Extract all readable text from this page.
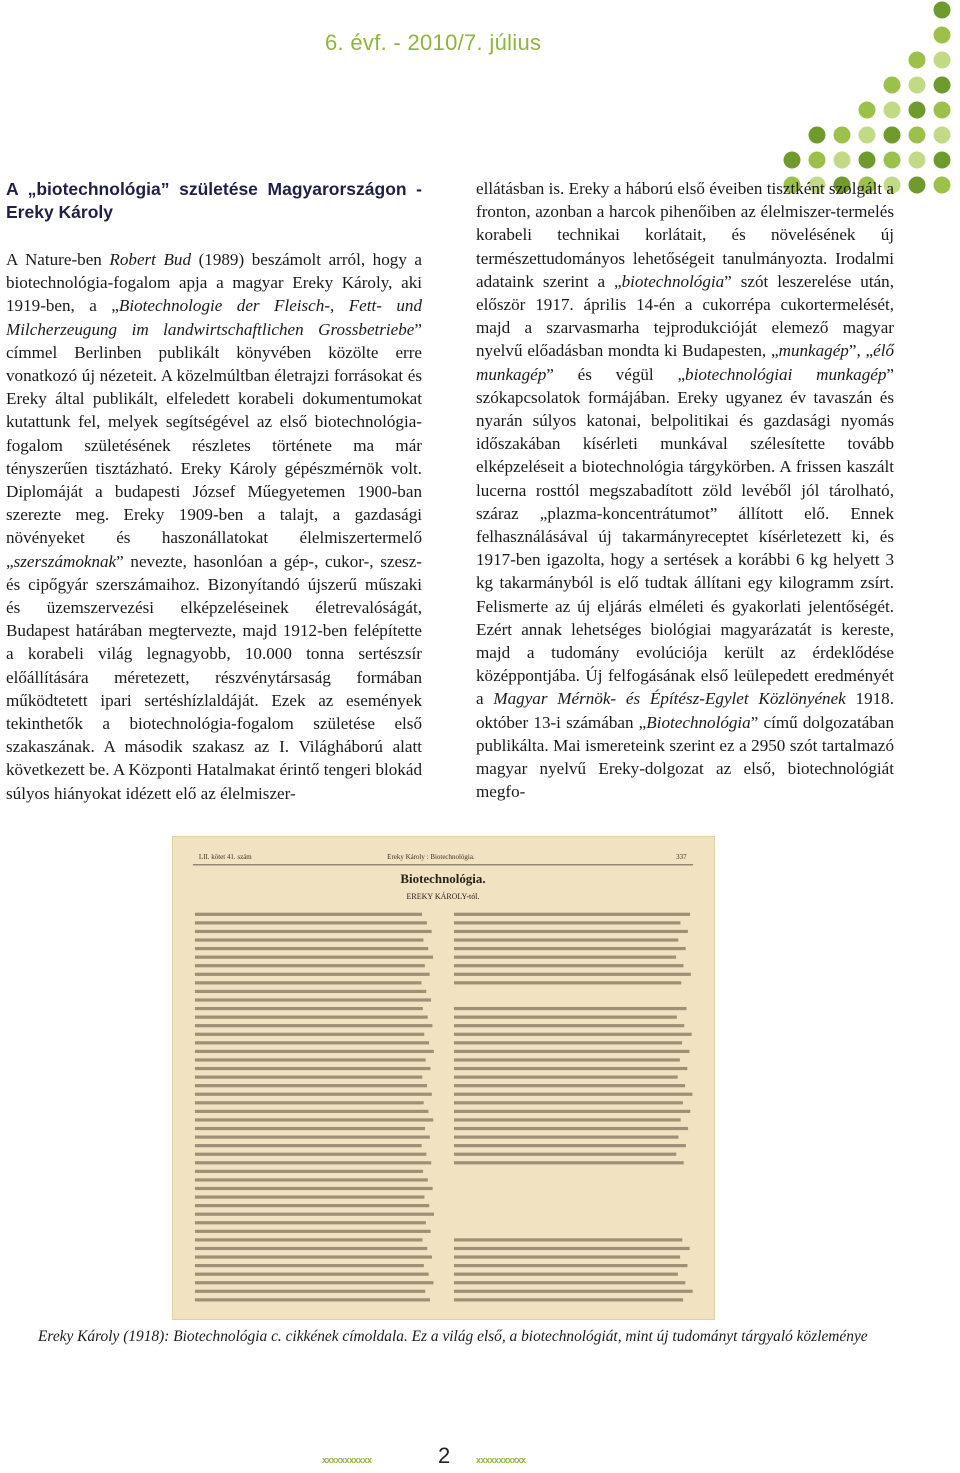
6. évf. - 2010/7. július
A „biotechnológia” születése Magyarországon - Ereky Károly

A Nature-ben Robert Bud (1989) beszámolt arról, hogy a biotechnológia-fogalom apja a magyar Ereky Károly, aki 1919-ben, a „Biotechnologie der Fleisch-, Fett- und Milcherzeugung im landwirtschaftlichen Grossbetriebe” címmel Berlinben publikált könyvében közölte erre vonatkozó új nézeteit. A közelmúltban életrajzi forrásokat és Ereky által publikált, elfeledett korabeli dokumentumokat kutattunk fel, melyek segítségével az első biotechnológia-fogalom születésének részletes története ma már tényszerűen tisztázható. Ereky Károly gépészmérnök volt. Diplomáját a budapesti József Műegyetemen 1900-ban szerezte meg. Ereky 1909-ben a talajt, a gazdasági növényeket és haszonállatokat élelmiszertermelő „szerszámoknak” nevezte, hasonlóan a gép-, cukor-, szesz- és cipőgyár szerszámaihoz. Bizonyítandó újszerű műszaki és üzemszervezési elképzeléseinek életrevalóságát, Budapest határában megtervezte, majd 1912-ben felépítette a korabeli világ legnagyobb, 10.000 tonna sertészsír előállítására méretezett, részvénytársaság formában működtetett ipari sertéshízlaldáját. Ezek az események tekinthetők a biotechnológia-fogalom születése első szakaszának. A második szakasz az I. Világháború alatt következett be. A Központi Hatalmakat érintő tengeri blokád súlyos hiányokat idézett elő az élelmiszer-

ellátásban is. Ereky a háború első éveiben tisztként szolgált a fronton, azonban a harcok pihenőiben az élelmiszer-termelés korabeli technikai korlátait, és növelésének új természettudományos lehetőségeit tanulmányozta. Irodalmi adataink szerint a „biotechnológia” szót leszerelése után, először 1917. április 14-én a cukorrépa cukortermelését, majd a szarvasmarha tejprodukcióját elemező magyar nyelvű előadásban mondta ki Budapesten, „munkagép”, „élő munkagép” és végül „biotechnológiai munkagép” szókapcsolatok formájában. Ereky ugyanez év tavaszán és nyarán súlyos katonai, belpolitikai és gazdasági nyomás időszakában kísérleti munkával szélesítette tovább elképzeléseit a biotechnológia tárgykörben. A frissen kaszált lucerna rosttól megszabadított zöld levéből jól tárolható, száraz „plazma-koncentrátumot” állított elő. Ennek felhasználásával új takarmányreceptet kísérletezett ki, és 1917-ben igazolta, hogy a sertések a korábbi 6 kg helyett 3 kg takarmányból is elő tudtak állítani egy kilogramm zsírt. Felismerte az új eljárás elméleti és gyakorlati jelentőségét. Ezért annak lehetséges biológiai magyarázatát is kereste, majd a tudomány evolúciója került az érdeklődése középpontjába. Új felfogásának első leülepedett eredményét a Magyar Mérnök- és Építész-Egylet Közlönyének 1918. október 13-i számában „Biotechnológia” című dolgozatában publikálta. Mai ismereteink szerint ez a 2950 szót tartalmazó magyar nyelvű Ereky-dolgozat az első, biotechnológiát megfo-

LII. kötet 41. szám	Ereky Károly : Biotechnológia.	337
Biotechnológia.
EREKY KÁROLY-tól.
Ereky Károly (1918): Biotechnológia c. cikkének címoldala. Ez a világ első, a biotechnológiát, mint új tudományt tárgyaló közleménye
xxxxxxxxxxx	2	xxxxxxxxxxx
